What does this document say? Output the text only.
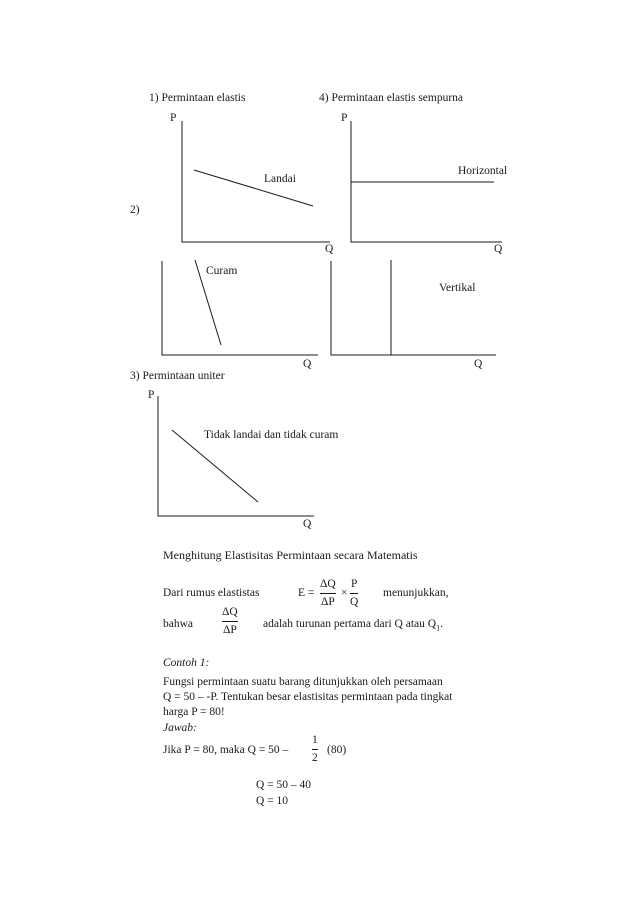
1) Permintaan elastis
P
Landai
Q
4) Permintaan elastis sempurna
P
Horizontal
Q
2)
Curam
Q
Vertikal
Q
3) Permintaan uniter
P
Tidak landai dan tidak curam
Q
Menghitung Elastisitas Permintaan secara Matematis
Dari rumus elastistas	E =
ΔQ
ΔP
×
P
Q
menunjukkan,
bahwa
ΔQ
ΔP adalah turunan pertama dari Q atau $Q_1$.
Contoh 1:
Fungsi permintaan suatu barang ditunjukkan oleh persamaan
Q = 50 – -P. Tentukan besar elastisitas permintaan pada tingkat
harga P = 80!
Jawab:
Jika P = 80, maka Q = 50 –
1
2
(80)
Q = 50 – 40
Q = 10
